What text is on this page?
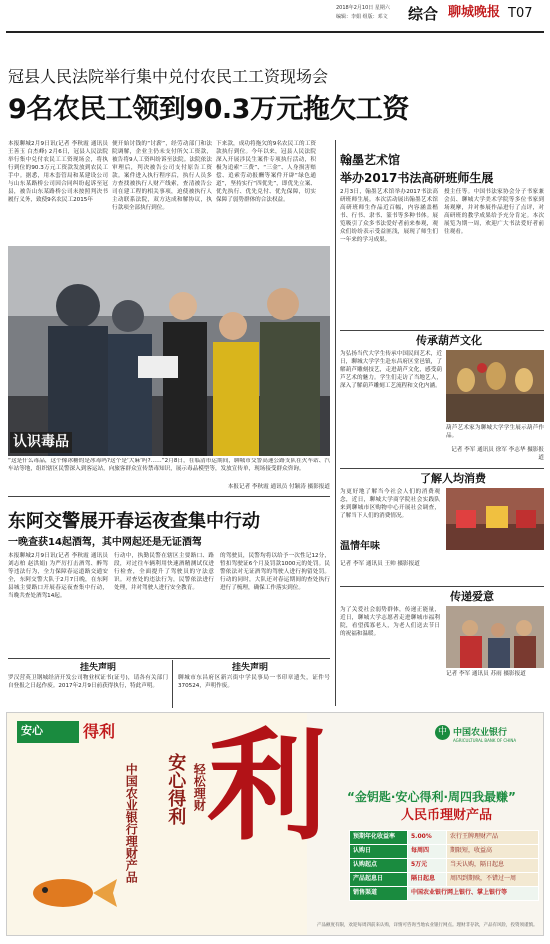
2018年2月10日 星期六
编辑：李娟 组版：邓文 综合 聊城晚报 T07
冠县人民法院举行集中兑付农民工工资现场会
9名农民工领到90.3万元拖欠工资
本报聊城2月9日讯(记者 李秋霞 通讯员 王善玉 白杰峰) 2月6日，冠县人民法院举行集中兑付农民工工资现场会，将执行到位的90.3万元工资款发放到农民工手中。据悉，用木套管局和某建设公司与山东某路桥公司因合同纠纷起诉至冠县，被告山东某路桥公司未按照判决书履行义务，致使9名农民工2015年
便开始讨钱的“讨薪”，经劳动部门和法院调解，企业主仍未支付所欠工资款，被告将9人工资纠纷诉至法院。法院依法审理后，判决被告公司支付原告工资款。案件进入执行程序后，执行人员多方查找被执行人财产线索，查清被告公司在建工程的相关事项，迫使被执行人主动联系法院，双方达成和解协议，执行款项全部执行到位。
下来款，成功将拖欠的9名农民工的工资款执行到位。今年以来，冠县人民法院深入开展涉民生案件专项执行活动，积极为追索“三费”、“三金”、人身损害赔偿、追索劳动报酬等案件开辟“绿色通道”，坚持实行“四优先”，即优先立案、优先执行、优先兑付、优先保障，切实保障了弱势群体的合法权益。
认识毒品
“这是什么毒品，这个像冰糖的是冰毒吗?这个是‘大麻’吗?……”2月8日，在临清市运期间，聊城市交警高速公路支队在火车站、汽车站等地，组织辖区民警深入到客运站，向旅客群众宣传禁毒知识，展示毒品模型等，发放宣传单，现场接受群众咨询。
本报记者 李秋霞 通讯员 付颖涛 摄影报道
东阿交警展开春运夜查集中行动
一晚查获14起酒驾，其中网起还是无证酒驾
本报聊城2月9日讯(记者 李秋霞 通讯员 刘志柏 赵洪娟) 为严厉打击酒驾、醉驾等违法行为，全力保障春运道路交通安全，东阿交警大队于2月7日晚，在东阿县城主要路口开展春运夜查集中行动，当晚共查处酒驾14起。
行动中，执勤民警在辖区主要路口、路段，对过往车辆利用快速酒精测试仪进行检查，全面提升了驾驶员的守法意识。对查处的违法行为，民警依法进行处理，并对驾驶人进行安全教育。
的驾驶员，民警均将以给予一次性记12分，暂扣驾驶证6个月及罚款1000元的处罚。民警依法对无证酒驾的驾驶人进行拘留处罚。行动的同时，大队还对春运期间的查处执行进行了梳理，确保工作落实到位。
挂失声明
罗汉营英卫钢城经济开发公司物业权证书(证号)，请各有关部门自登报之日起作废。2017年2月9日前获得执行，特此声明。
挂失声明
聊城市东昌府区新兴街中学民事局一书印章遗失，证件号370524，声明作废。
翰墨艺术馆
举办2017书法高研班师生展
2月3日，翰墨艺术馆举办2017书法高研班师生展。本次活动展出翰墨艺术馆高研班师生作品近百幅，内容涵盖楷书、行书、隶书、篆书等多种书体。展览吸引了众多书法爱好者前来参观，观众们纷纷表示受益匪浅，展现了师生们一年来的学习成果。
授主任等。中国书法家协会分子书家兼会员、聊城大学美术学院等多位书家到场观摩，并对参展作品进行了点评，对高研班的教学成果给予充分肯定。本次展览为期一周，欢迎广大书法爱好者前往观看。
传承葫芦文化
为弘扬当代大学生传承中国民间艺术，近日，聊城大学学生赴东昌府区堂邑镇，了解葫芦雕刻技艺，走进葫芦文化，感受葫芦艺术的魅力。学生们走访了当地艺人，深入了解葫芦雕刻工艺流程和文化内涵。
葫芦艺术家为聊城大学学生展示葫芦作品。
记者 李军 通讯员 徐军 李志华 摄影报道
了解人均消费
为更好地了解当今社会人们的消费观念，近日，聊城大学商学院社会实践队来到聊城市区购物中心开展社会调查，了解当下人们的消费情况。
记者 李军 通讯员 王帅 摄影报道
温情年味
传递爱意
为了关爱社会弱势群体，传递正能量，近日，聊城大学志愿者走进聊城市福利院，看望孤寡老人，为老人们送去节日的祝福和温暖。
记者 李军 通讯员 苏雨 摄影报道
安心	得利
中国农业银行理财产品 安心得利 轻松理财 利	中 中国农业银行
AGRICULTURAL BANK OF CHINA
“金钥匙·安心得利·周四我最赚”
人民币理财产品
预期年化收益率	5.00%	农行王牌理财产品
认购日	每周四	期限短，收益高
认购起点	5万元	当天认购，隔日起息
产品起息日	隔日起息	周四到期赎，不错过一周
销售渠道	中国农业银行网上银行、掌上银行等	
产品额度有限，欢迎每周四前来认购，详情可咨询当地农业银行网点。理财非存款，产品有风险，投资须谨慎。
